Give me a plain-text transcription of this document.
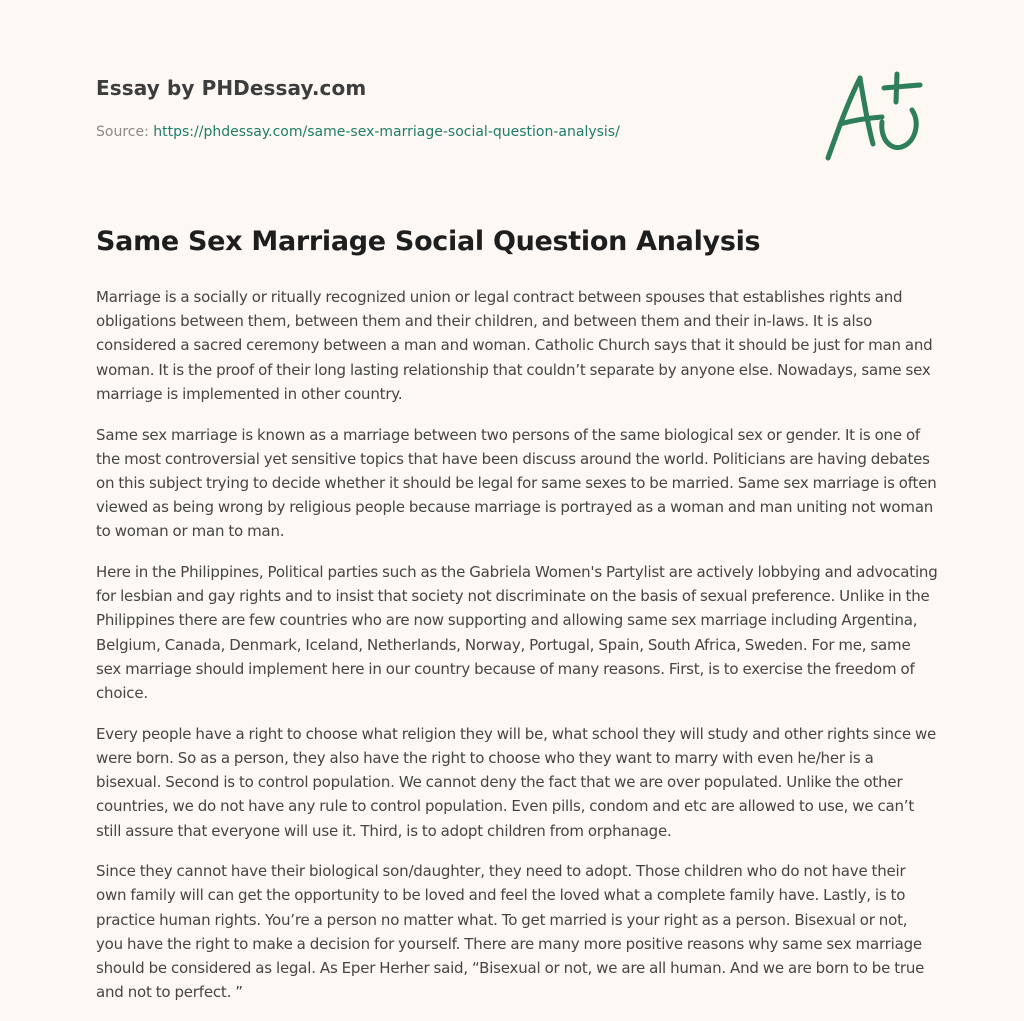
Essay by PHDessay.com
Source: https://phdessay.com/same-sex-marriage-social-question-analysis/
Same Sex Marriage Social Question Analysis

Marriage is a socially or ritually recognized union or legal contract between spouses that establishes rights and obligations between them, between them and their children, and between them and their in-laws. It is also considered a sacred ceremony between a man and woman. Catholic Church says that it should be just for man and woman. It is the proof of their long lasting relationship that couldn’t separate by anyone else. Nowadays, same sex marriage is implemented in other country.

Same sex marriage is known as a marriage between two persons of the same biological sex or gender. It is one of the most controversial yet sensitive topics that have been discuss around the world. Politicians are having debates on this subject trying to decide whether it should be legal for same sexes to be married. Same sex marriage is often viewed as being wrong by religious people because marriage is portrayed as a woman and man uniting not woman to woman or man to man.

Here in the Philippines, Political parties such as the Gabriela Women's Partylist are actively lobbying and advocating for lesbian and gay rights and to insist that society not discriminate on the basis of sexual preference. Unlike in the Philippines there are few countries who are now supporting and allowing same sex marriage including Argentina, Belgium, Canada, Denmark, Iceland, Netherlands, Norway, Portugal, Spain, South Africa, Sweden. For me, same sex marriage should implement here in our country because of many reasons. First, is to exercise the freedom of choice.

Every people have a right to choose what religion they will be, what school they will study and other rights since we were born. So as a person, they also have the right to choose who they want to marry with even he/her is a bisexual. Second is to control population. We cannot deny the fact that we are over populated. Unlike the other countries, we do not have any rule to control population. Even pills, condom and etc are allowed to use, we can’t still assure that everyone will use it. Third, is to adopt children from orphanage.

Since they cannot have their biological son/daughter, they need to adopt. Those children who do not have their own family will can get the opportunity to be loved and feel the loved what a complete family have. Lastly, is to practice human rights. You’re a person no matter what. To get married is your right as a person. Bisexual or not, you have the right to make a decision for yourself. There are many more positive reasons why same sex marriage should be considered as legal. As Eper Herher said, “Bisexual or not, we are all human. And we are born to be true and not to perfect. ”
